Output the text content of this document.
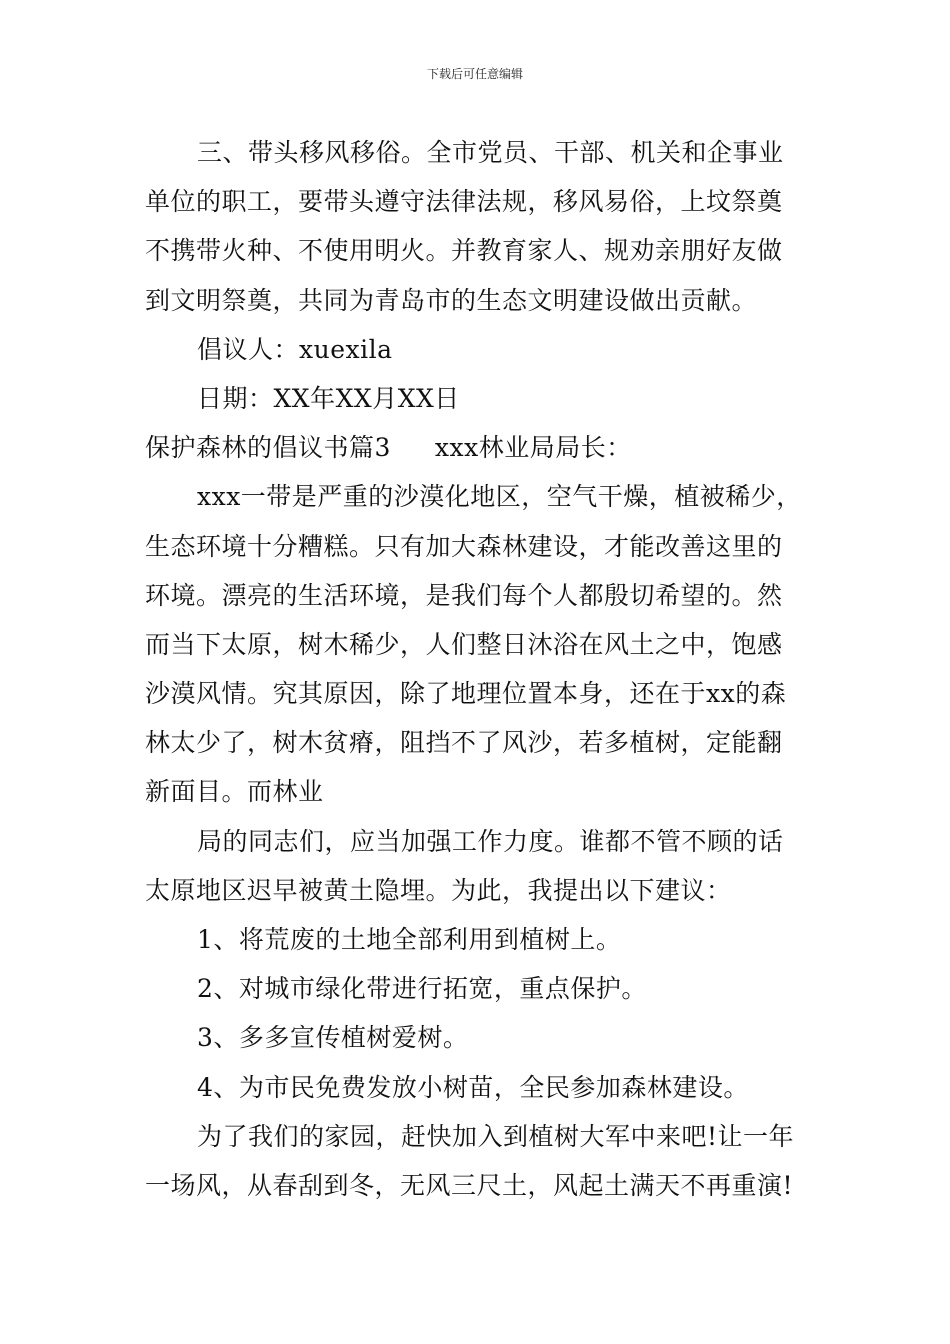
下载后可任意编辑
三、带头移风移俗。全市党员、干部、机关和企事业
单位的职工，要带头遵守法律法规，移风易俗，上坟祭奠
不携带火种、不使用明火。并教育家人、规劝亲朋好友做
到文明祭奠，共同为青岛市的生态文明建设做出贡献。
倡议人：xuexila
日期：XX年XX月XX日
保护森林的倡议书篇3 xxx林业局局长：
xxx一带是严重的沙漠化地区，空气干燥，植被稀少，
生态环境十分糟糕。只有加大森林建设，才能改善这里的
环境。漂亮的生活环境，是我们每个人都殷切希望的。然
而当下太原，树木稀少，人们整日沐浴在风土之中，饱感
沙漠风情。究其原因，除了地理位置本身，还在于xx的森
林太少了，树木贫瘠，阻挡不了风沙，若多植树，定能翻
新面目。而林业
局的同志们，应当加强工作力度。谁都不管不顾的话
太原地区迟早被黄土隐埋。为此，我提出以下建议：
1、将荒废的土地全部利用到植树上。
2、对城市绿化带进行拓宽，重点保护。
3、多多宣传植树爱树。
4、为市民免费发放小树苗，全民参加森林建设。
为了我们的家园，赶快加入到植树大军中来吧!让一年
一场风，从春刮到冬，无风三尺土，风起土满天不再重演!
